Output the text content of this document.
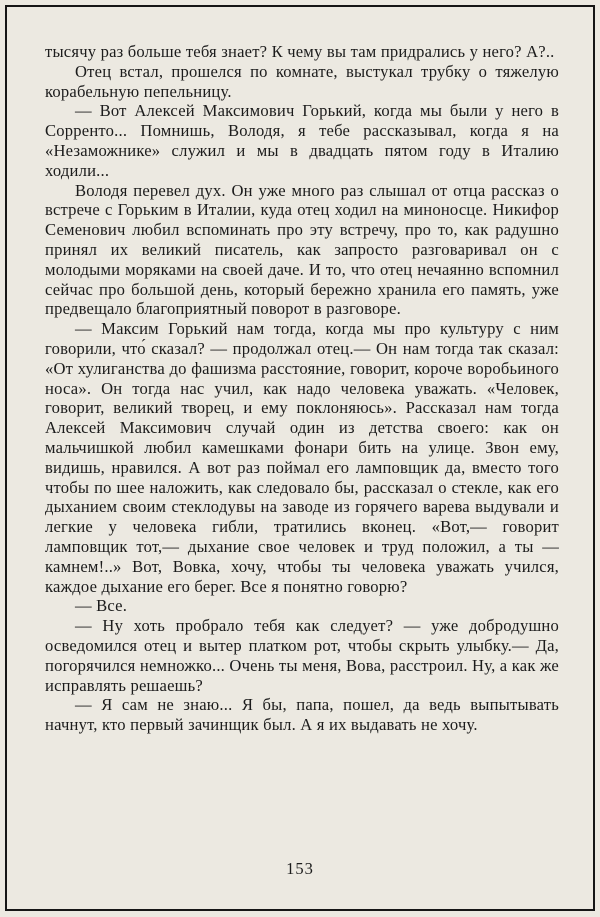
тысячу раз больше тебя знает? К чему вы там придрались у него? А?..

Отец встал, прошелся по комнате, выстукал трубку о тяжелую корабельную пепельницу.

— Вот Алексей Максимович Горький, когда мы были у него в Сорренто... Помнишь, Володя, я тебе рассказывал, когда я на «Незаможнике» служил и мы в двадцать пятом году в Италию ходили...

Володя перевел дух. Он уже много раз слышал от отца рассказ о встрече с Горьким в Италии, куда отец ходил на миноносце. Никифор Семенович любил вспоминать про эту встречу, про то, как радушно принял их великий писатель, как запросто разговаривал он с молодыми моряками на своей даче. И то, что отец нечаянно вспомнил сейчас про большой день, который бережно хранила его память, уже предвещало благоприятный поворот в разговоре.

— Максим Горький нам тогда, когда мы про культуру с ним говорили, что́ сказал? — продолжал отец.— Он нам тогда так сказал: «От хулиганства до фашизма расстояние, говорит, короче воробьиного носа». Он тогда нас учил, как надо человека уважать. «Человек, говорит, великий творец, и ему поклоняюсь». Рассказал нам тогда Алексей Максимович случай один из детства своего: как он мальчишкой любил камешками фонари бить на улице. Звон ему, видишь, нравился. А вот раз поймал его ламповщик да, вместо того чтобы по шее наложить, как следовало бы, рассказал о стекле, как его дыханием своим стеклодувы на заводе из горячего варева выдували и легкие у человека гибли, тратились вконец. «Вот,— говорит ламповщик тот,— дыхание свое человек и труд положил, а ты — камнем!..» Вот, Вовка, хочу, чтобы ты человека уважать учился, каждое дыхание его берег. Все я понятно говорю?

— Все.

— Ну хоть пробрало тебя как следует? — уже добродушно осведомился отец и вытер платком рот, чтобы скрыть улыбку.— Да, погорячился немножко... Очень ты меня, Вова, расстроил. Ну, а как же исправлять решаешь?

— Я сам не знаю... Я бы, папа, пошел, да ведь выпытывать начнут, кто первый зачинщик был. А я их выдавать не хочу.

153
